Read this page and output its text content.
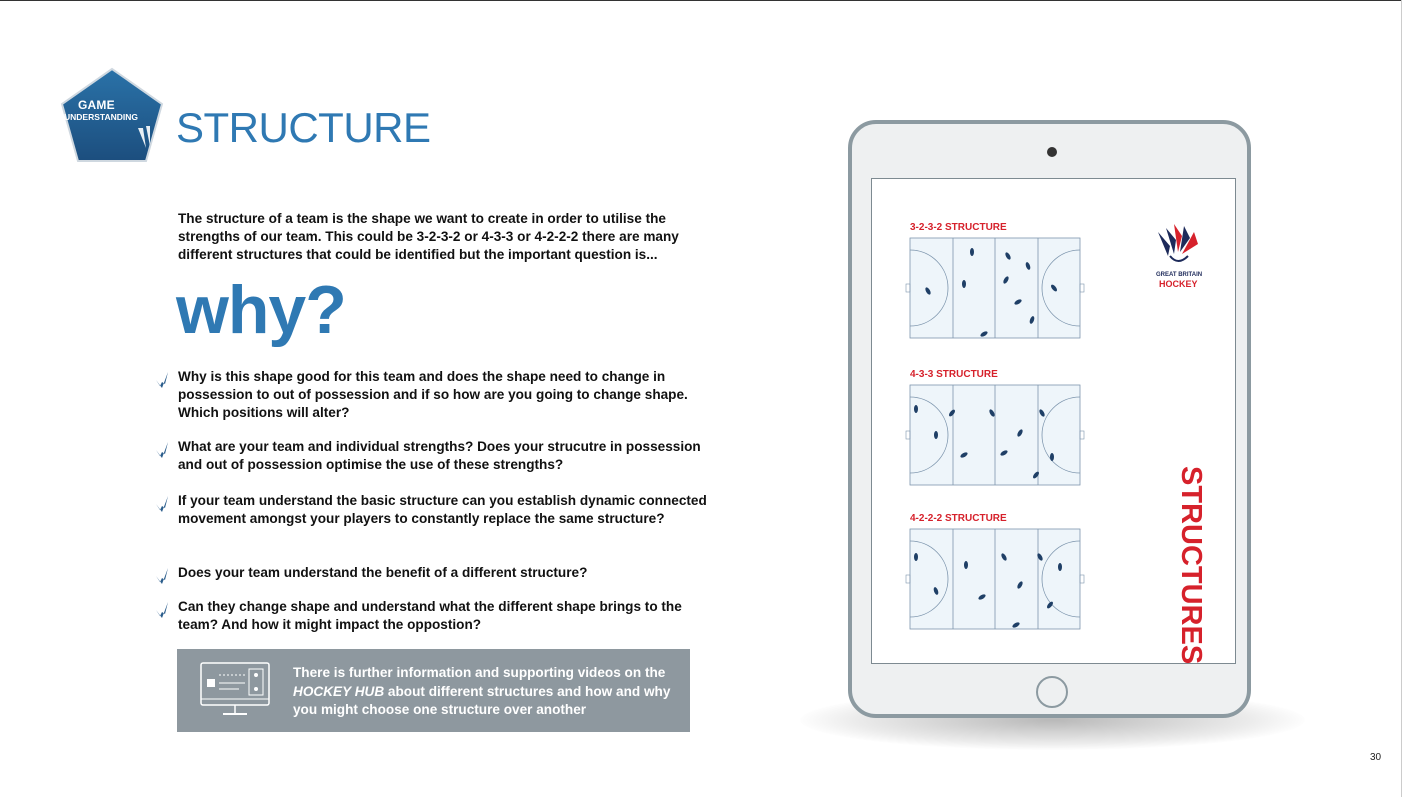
GAME
UNDERSTANDING STRUCTURE
The structure of a team is the shape we want to create in order to utilise the strengths of our team. This could be 3-2-3-2 or 4-3-3 or 4-2-2-2 there are many different structures that could be identified but the important question is...
why?
Why is this shape good for this team and does the shape need to change in possession to out of possession and if so how are you going to change shape. Which positions will alter?
What are your team and individual strengths? Does your strucutre in possession and out of possession optimise the use of these strengths?
If your team understand the basic structure can you establish dynamic connected movement amongst your players to constantly replace the same structure?
Does your team understand the benefit of a different structure?
Can they change shape and understand what the different shape brings to the team? And how it might impact the oppostion?
There is further information and supporting videos on the HOCKEY HUB about different structures and how and why you might choose one structure over another
3-2-3-2 STRUCTURE
4-3-3 STRUCTURE
4-2-2-2 STRUCTURE
GREAT BRITAIN
HOCKEY
STRUCTURES
30
